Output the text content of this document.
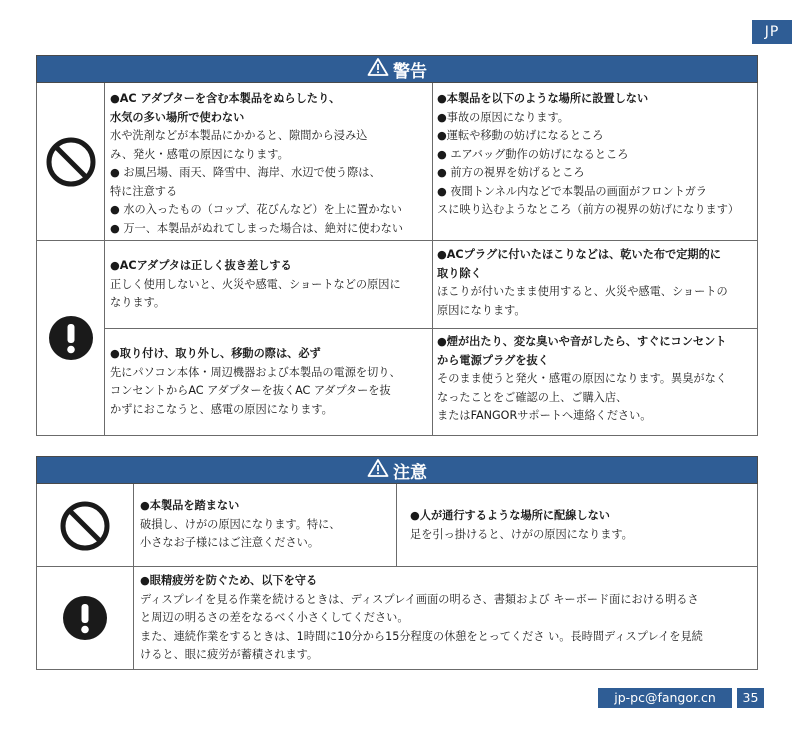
JP
警告
●AC アダプターを含む本製品をぬらしたり、
水気の多い場所で使わない
水や洗剤などが本製品にかかると、隙間から浸み込
み、発火・感電の原因になります。
● お風呂場、雨天、降雪中、海岸、水辺で使う際は、
特に注意する
● 水の入ったもの（コップ、花びんなど）を上に置かない
● 万一、本製品がぬれてしまった場合は、絶対に使わない
●本製品を以下のような場所に設置しない
●事故の原因になります。
●運転や移動の妨げになるところ
● エアバッグ動作の妨げになるところ
● 前方の視界を妨げるところ
● 夜間トンネル内などで本製品の画面がフロントガラ
スに映り込むようなところ（前方の視界の妨げになります）
●ACアダプタは正しく抜き差しする
正しく使用しないと、火災や感電、ショートなどの原因に
なります。
●ACプラグに付いたほこりなどは、乾いた布で定期的に
取り除く
ほこりが付いたまま使用すると、火災や感電、ショートの
原因になります。
●取り付け、取り外し、移動の際は、必ず
先にパソコン本体・周辺機器および本製品の電源を切り、
コンセントからAC アダプターを抜くAC アダプターを抜
かずにおこなうと、感電の原因になります。
●煙が出たり、変な臭いや音がしたら、すぐにコンセント
から電源プラグを抜く
そのまま使うと発火・感電の原因になります。異臭がなく
なったことをご確認の上、ご購入店、
またはFANGORサポートへ連絡ください。
注意
●本製品を踏まない
破損し、けがの原因になります。特に、
小さなお子様にはご注意ください。
●人が通行するような場所に配線しない
足を引っ掛けると、けがの原因になります。
●眼精疲労を防ぐため、以下を守る
ディスプレイを見る作業を続けるときは、ディスプレイ画面の明るさ、書類および キーボード面における明るさ
と周辺の明るさの差をなるべく小さくしてください。
また、連続作業をするときは、1時間に10分から15分程度の休憩をとってくださ い。長時間ディスプレイを見続
けると、眼に疲労が蓄積されます。
jp-pc@fangor.cn	35
